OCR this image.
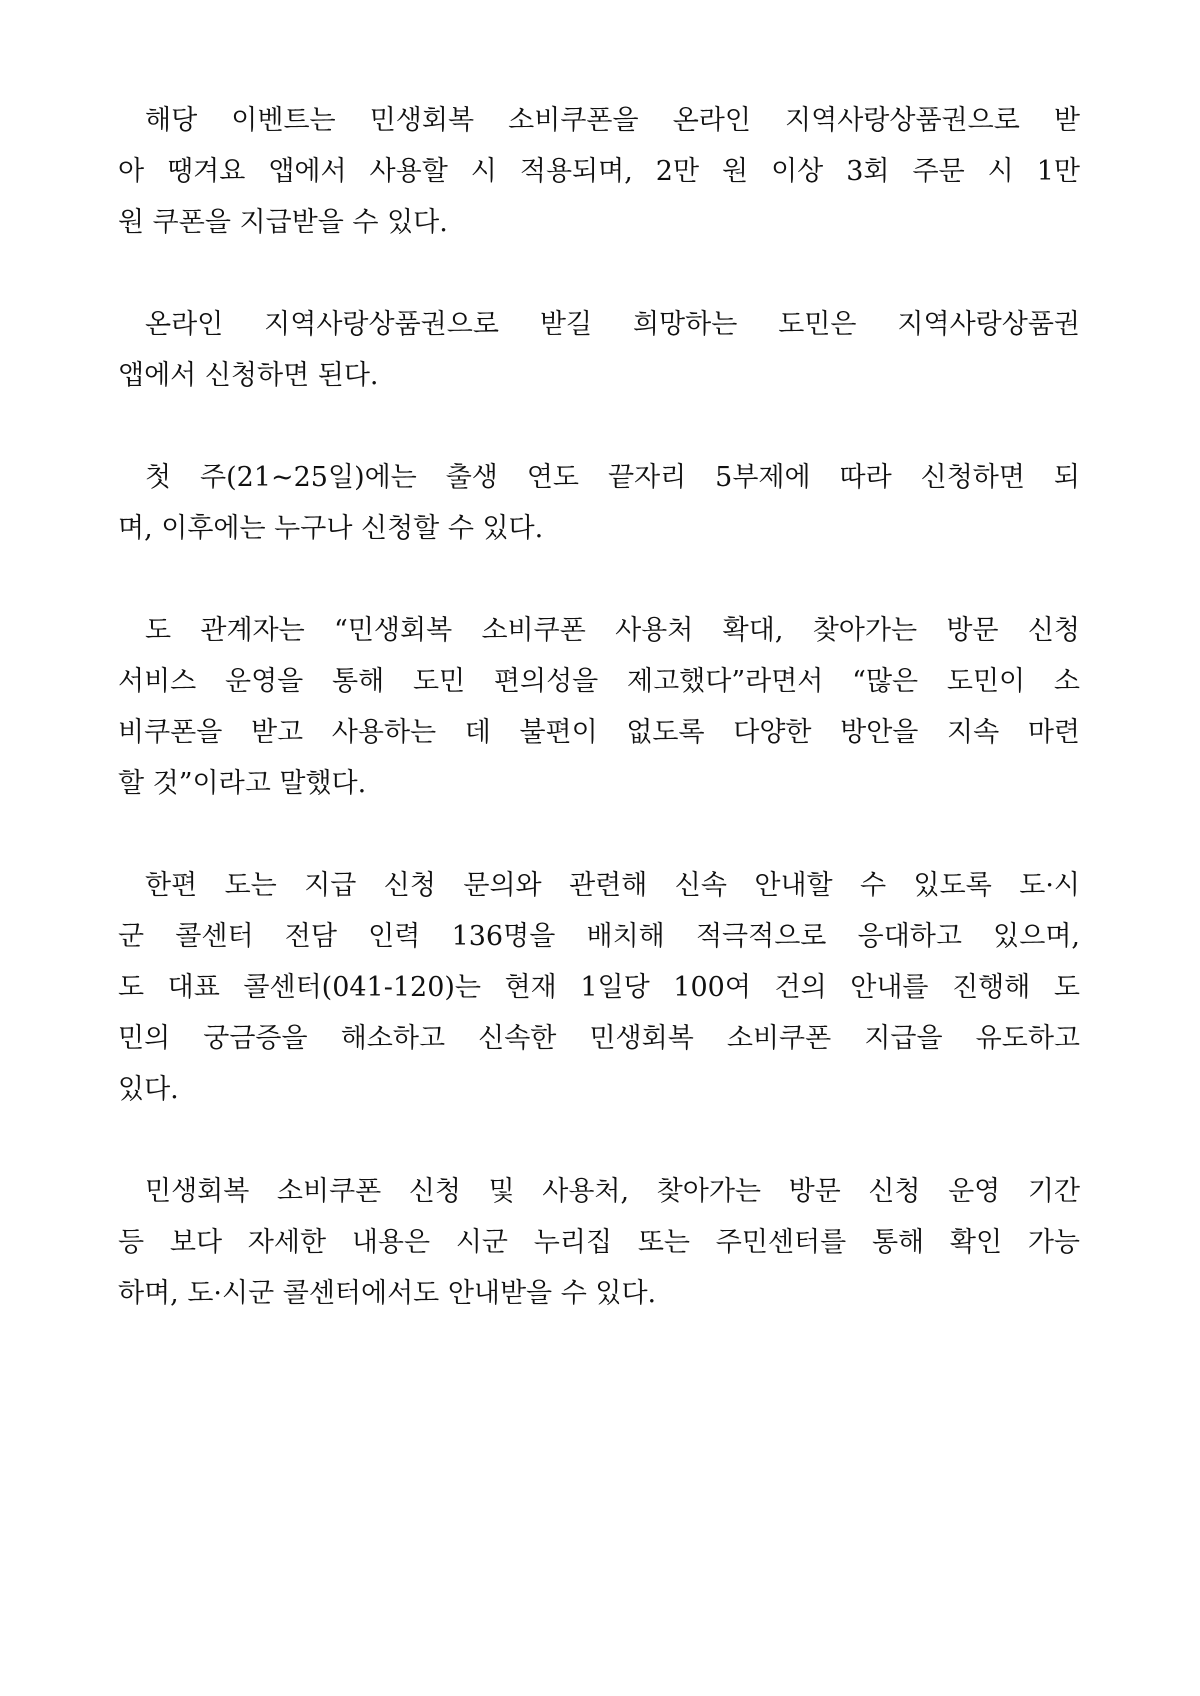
해당 이벤트는 민생회복 소비쿠폰을 온라인 지역사랑상품권으로 받
아 땡겨요 앱에서 사용할 시 적용되며, 2만 원 이상 3회 주문 시 1만
원 쿠폰을 지급받을 수 있다.

온라인 지역사랑상품권으로 받길 희망하는 도민은 지역사랑상품권
앱에서 신청하면 된다.

첫 주(21~25일)에는 출생 연도 끝자리 5부제에 따라 신청하면 되
며, 이후에는 누구나 신청할 수 있다.

도 관계자는 “민생회복 소비쿠폰 사용처 확대, 찾아가는 방문 신청
서비스 운영을 통해 도민 편의성을 제고했다”라면서 “많은 도민이 소
비쿠폰을 받고 사용하는 데 불편이 없도록 다양한 방안을 지속 마련
할 것”이라고 말했다.

한편 도는 지급 신청 문의와 관련해 신속 안내할 수 있도록 도·시
군 콜센터 전담 인력 136명을 배치해 적극적으로 응대하고 있으며,
도 대표 콜센터(041-120)는 현재 1일당 100여 건의 안내를 진행해 도
민의 궁금증을 해소하고 신속한 민생회복 소비쿠폰 지급을 유도하고
있다.

민생회복 소비쿠폰 신청 및 사용처, 찾아가는 방문 신청 운영 기간
등 보다 자세한 내용은 시군 누리집 또는 주민센터를 통해 확인 가능
하며, 도·시군 콜센터에서도 안내받을 수 있다.
